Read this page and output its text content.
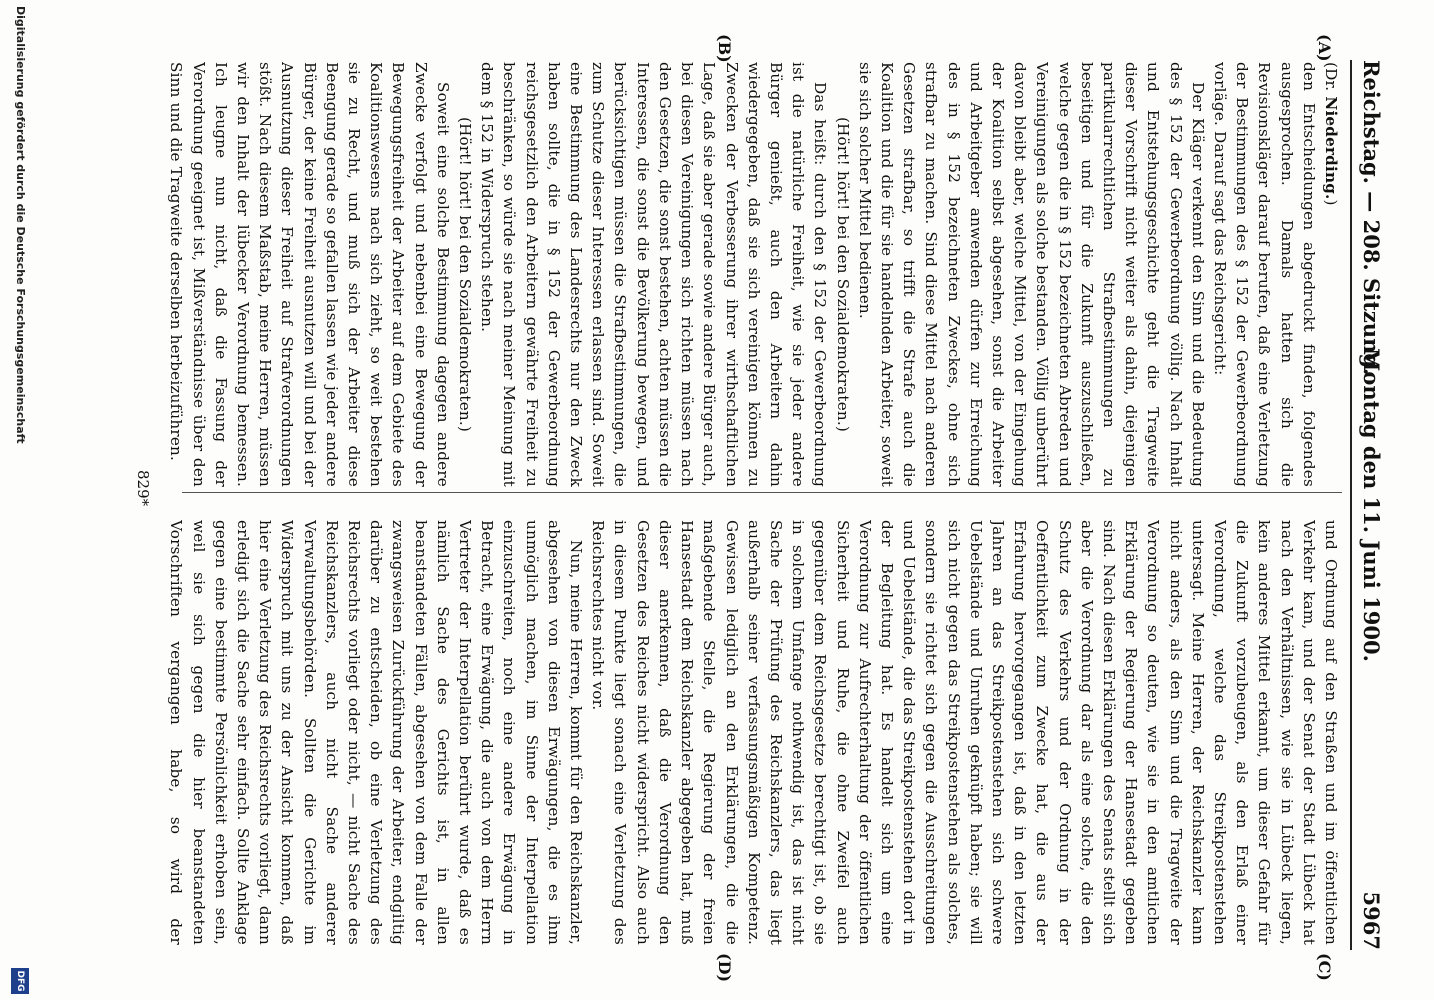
Reichstag. — 208. Sitzung.
Montag den 11. Juni 1900.
5967
(A)
(B)
(C)
(D)

(Dr. Niederding.)

den Entscheidungen abgedruckt finden, folgendes ausgesprochen. Damals hatten sich die Revisionskläger darauf berufen, daß eine Verletzung der Bestimmungen des § 152 der Gewerbeordnung vorläge. Darauf sagt das Reichsgericht:

Der Kläger verkennt den Sinn und die Bedeutung des § 152 der Gewerbeordnung völlig. Nach Inhalt und Entstehungsgeschichte geht die Tragweite dieser Vorschrift nicht weiter als dahin, diejenigen partikularrechtlichen Strafbestimmungen zu beseitigen und für die Zukunft auszuschließen, welche gegen die in § 152 bezeichneten Abreden und Vereinigungen als solche bestanden. Völlig unberührt davon bleibt aber, welche Mittel, von der Eingehung der Koalition selbst abgesehen, sonst die Arbeiter und Arbeitgeber anwenden dürfen zur Erreichung des in § 152 bezeichneten Zweckes, ohne sich strafbar zu machen. Sind diese Mittel nach anderen Gesetzen strafbar, so trifft die Strafe auch die Koalition und die für sie handelnden Arbeiter, soweit sie sich solcher Mittel bedienen.

(Hört! hört! bei den Sozialdemokraten.)

Das heißt: durch den § 152 der Gewerbeordnung ist die natürliche Freiheit, wie sie jeder andere Bürger genießt, auch den Arbeitern dahin wiedergegeben, daß sie sich vereinigen können zu Zwecken der Verbesserung ihrer wirthschaftlichen Lage, daß sie aber gerade sowie andere Bürger auch, bei diesen Vereinigungen sich richten müssen nach den Gesetzen, die sonst bestehen, achten müssen die Interessen, die sonst die Bevölkerung bewegen, und berücksichtigen müssen die Strafbestimmungen, die zum Schutze dieser Interessen erlassen sind. Soweit eine Bestimmung des Landesrechts nur den Zweck haben sollte, die in § 152 der Gewerbeordnung reichsgesetzlich den Arbeitern gewährte Freiheit zu beschränken, so würde sie nach meiner Meinung mit dem § 152 in Widerspruch stehen.

(Hört! hört! bei den Sozialdemokraten.)

Soweit eine solche Bestimmung dagegen andere Zwecke verfolgt und nebenbei eine Bewegung der Bewegungsfreiheit der Arbeiter auf dem Gebiete des Koalitionswesens nach sich zieht, so weit bestehen sie zu Recht, und muß sich der Arbeiter diese Beengung gerade so gefallen lassen wie jeder andere Bürger, der keine Freiheit ausnutzen will und bei der Ausnutzung dieser Freiheit auf Strafverordnungen stößt. Nach diesem Maßstab, meine Herren, müssen wir den Inhalt der lübecker Verordnung bemessen. Ich leugne nun nicht, daß die Fassung der Verordnung geeignet ist, Mißverständnisse über den Sinn und die Tragweite derselben herbeizuführen.

und Ordnung auf den Straßen und im öffentlichen Verkehr kam, und der Senat der Stadt Lübeck hat nach den Verhältnissen, wie sie in Lübeck liegen, kein anderes Mittel erkannt, um dieser Gefahr für die Zukunft vorzubeugen, als den Erlaß einer Verordnung, welche das Streikpostenstehen untersagt. Meine Herren, der Reichskanzler kann nicht anders, als den Sinn und die Tragweite der Verordnung so deuten, wie sie in den amtlichen Erklärung der Regierung der Hansestadt gegeben sind. Nach diesen Erklärungen des Senats stellt sich aber die Verordnung dar als eine solche, die den Schutz des Verkehrs und der Ordnung in der Oeffentlichkeit zum Zwecke hat, die aus der Erfahrung hervorgegangen ist, daß in den letzten Jahren an das Streikpostenstehen sich schwere Uebelstände und Unruhen geknüpft haben; sie will sich nicht gegen das Streikpostenstehen als solches, sondern sie richtet sich gegen die Ausschreitungen und Uebelstände, die das Streikpostenstehen dort in der Begleitung hat. Es handelt sich um eine Verordnung zur Aufrechterhaltung der öffentlichen Sicherheit und Ruhe, die ohne Zweifel auch gegenüber dem Reichsgesetze berechtigt ist, ob sie in solchem Umfange nothwendig ist, das ist nicht Sache der Prüfung des Reichskanzlers, das liegt außerhalb seiner verfassungsmäßigen Kompetenz. Gewissen lediglich an den Erklärungen, die die maßgebende Stelle, die Regierung der freien Hansestadt dem Reichskanzler abgegeben hat, muß dieser anerkennen, daß die Verordnung den Gesetzen des Reiches nicht widerspricht. Also auch in diesem Punkte liegt sonach eine Verletzung des Reichsrechtes nicht vor.

Nun, meine Herren, kommt für den Reichskanzler, abgesehen von diesen Erwägungen, die es ihm unmöglich machen, im Sinne der Interpellation einzuschreiten, noch eine andere Erwägung in Betracht, eine Erwägung, die auch von dem Herrn Vertreter der Interpellation berührt wurde, daß es nämlich Sache des Gerichts ist, in allen beanstandeten Fällen, abgesehen von dem Falle der zwangsweisen Zurückführung der Arbeiter, endgiltig darüber zu entscheiden, ob eine Verletzung des Reichsrechts vorliegt oder nicht, — nicht Sache des Reichskanzlers, auch nicht Sache anderer Verwaltungsbehörden. Sollten die Gerichte im Widerspruch mit uns zu der Ansicht kommen, daß hier eine Verletzung des Reichsrechts vorliegt, dann erledigt sich die Sache sehr einfach. Sollte Anklage gegen eine bestimmte Persönlichkeit erhoben sein, weil sie sich gegen die hier beanstandeten Vorschriften vergangen habe, so wird der

829*
Digitalisierung gefördert durch die Deutsche Forschungsgemeinschaft
DFG
